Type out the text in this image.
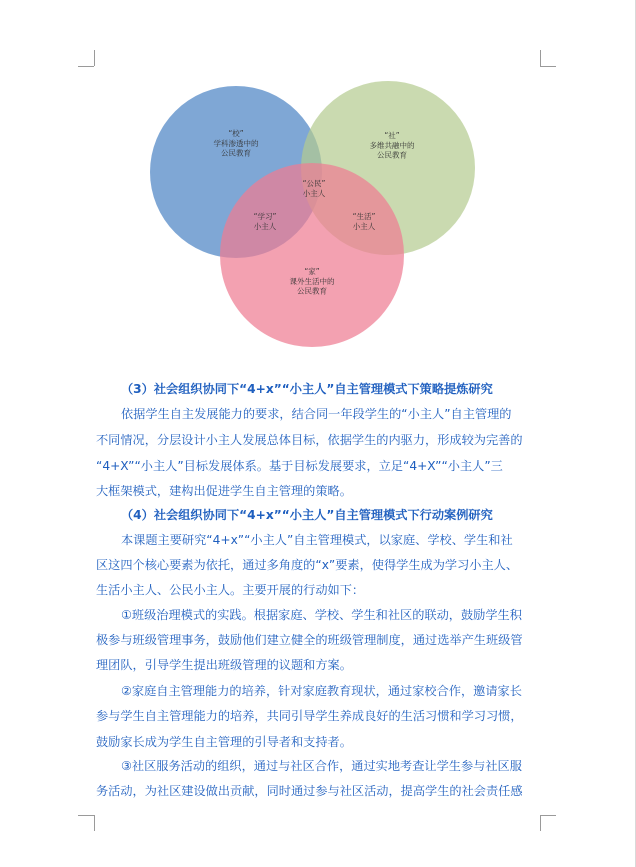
“校”学科渗透中的公民教育
“社”多维共融中的公民教育
“公民”小主人
“学习”小主人
“生活”小主人
“家”课外生活中的公民教育
（3）社会组织协同下“4+x”“小主人”自主管理模式下策略提炼研究
依据学生自主发展能力的要求，结合同一年段学生的“小主人”自主管理的
不同情况，分层设计小主人发展总体目标，依据学生的内驱力，形成较为完善的
“4+X”“小主人”目标发展体系。基于目标发展要求，立足“4+X”“小主人”三
大框架模式，建构出促进学生自主管理的策略。
（4）社会组织协同下“4+x”“小主人”自主管理模式下行动案例研究
本课题主要研究“4+x”“小主人”自主管理模式，以家庭、学校、学生和社
区这四个核心要素为依托，通过多角度的“x”要素，使得学生成为学习小主人、
生活小主人、公民小主人。主要开展的行动如下：
①班级治理模式的实践。根据家庭、学校、学生和社区的联动，鼓励学生积
极参与班级管理事务，鼓励他们建立健全的班级管理制度，通过选举产生班级管
理团队，引导学生提出班级管理的议题和方案。
②家庭自主管理能力的培养，针对家庭教育现状，通过家校合作，邀请家长
参与学生自主管理能力的培养，共同引导学生养成良好的生活习惯和学习习惯，
鼓励家长成为学生自主管理的引导者和支持者。
③社区服务活动的组织，通过与社区合作，通过实地考查让学生参与社区服
务活动，为社区建设做出贡献，同时通过参与社区活动，提高学生的社会责任感
